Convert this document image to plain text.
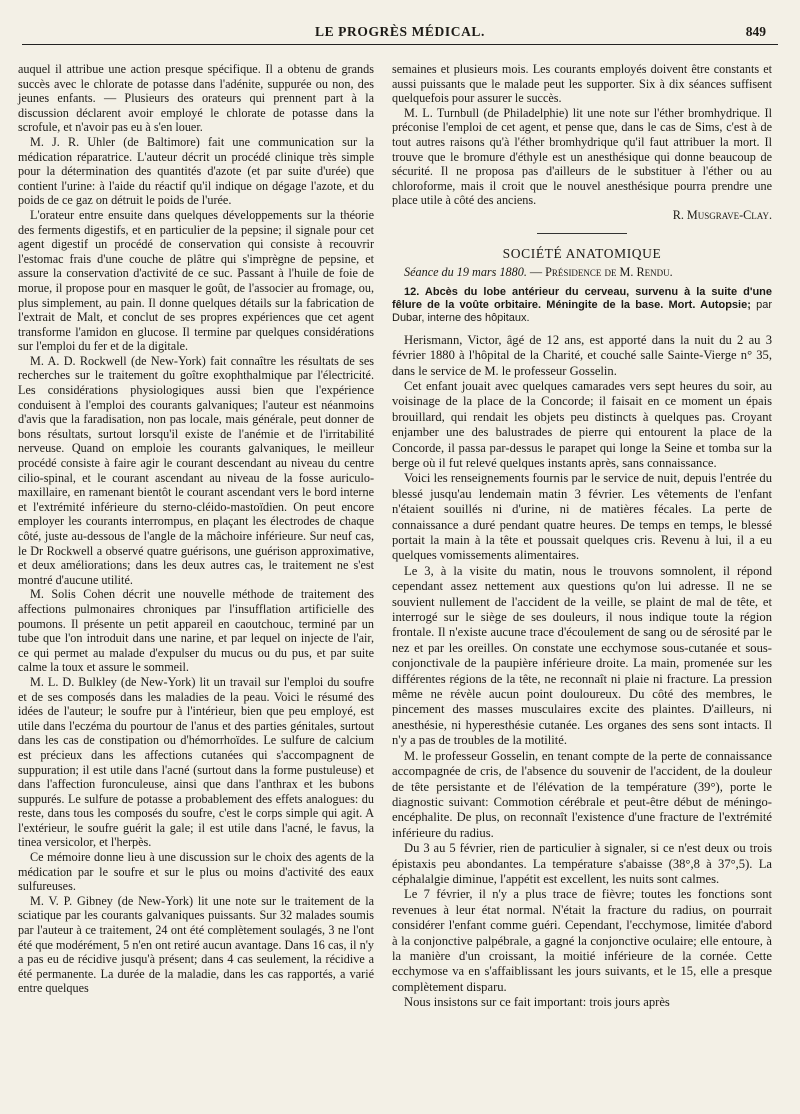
LE PROGRÈS MÉDICAL.	849

auquel il attribue une action presque spécifique. Il a obtenu de grands succès avec le chlorate de potasse dans l'adénite, suppurée ou non, des jeunes enfants. — Plusieurs des orateurs qui prennent part à la discussion déclarent avoir employé le chlorate de potasse dans la scrofule, et n'avoir pas eu à s'en louer.

M. J. R. Uhler (de Baltimore) fait une communication sur la médication réparatrice. L'auteur décrit un procédé clinique très simple pour la détermination des quantités d'azote (et par suite d'urée) que contient l'urine: à l'aide du réactif qu'il indique on dégage l'azote, et du poids de ce gaz on détruit le poids de l'urée.

L'orateur entre ensuite dans quelques développements sur la théorie des ferments digestifs, et en particulier de la pepsine; il signale pour cet agent digestif un procédé de conservation qui consiste à recouvrir l'estomac frais d'une couche de plâtre qui s'imprègne de pepsine, et assure la conservation d'activité de ce suc. Passant à l'huile de foie de morue, il propose pour en masquer le goût, de l'associer au fromage, ou, plus simplement, au pain. Il donne quelques détails sur la fabrication de l'extrait de Malt, et conclut de ses propres expériences que cet agent transforme l'amidon en glucose. Il termine par quelques considérations sur l'emploi du fer et de la digitale.

M. A. D. Rockwell (de New-York) fait connaître les résultats de ses recherches sur le traitement du goître exophthalmique par l'électricité. Les considérations physiologiques aussi bien que l'expérience conduisent à l'emploi des courants galvaniques; l'auteur est néanmoins d'avis que la faradisation, non pas locale, mais générale, peut donner de bons résultats, surtout lorsqu'il existe de l'anémie et de l'irritabilité nerveuse. Quand on emploie les courants galvaniques, le meilleur procédé consiste à faire agir le courant descendant au niveau du centre cilio-spinal, et le courant ascendant au niveau de la fosse auriculo-maxillaire, en ramenant bientôt le courant ascendant vers le bord interne et l'extrémité inférieure du sterno-cléido-mastoïdien. On peut encore employer les courants interrompus, en plaçant les électrodes de chaque côté, juste au-dessous de l'angle de la mâchoire inférieure. Sur neuf cas, le Dr Rockwell a observé quatre guérisons, une guérison approximative, et deux améliorations; dans les deux autres cas, le traitement ne s'est montré d'aucune utilité.

M. Solis Cohen décrit une nouvelle méthode de traitement des affections pulmonaires chroniques par l'insufflation artificielle des poumons. Il présente un petit appareil en caoutchouc, terminé par un tube que l'on introduit dans une narine, et par lequel on injecte de l'air, ce qui permet au malade d'expulser du mucus ou du pus, et par suite calme la toux et assure le sommeil.

M. L. D. Bulkley (de New-York) lit un travail sur l'emploi du soufre et de ses composés dans les maladies de la peau. Voici le résumé des idées de l'auteur; le soufre pur à l'intérieur, bien que peu employé, est utile dans l'eczéma du pourtour de l'anus et des parties génitales, surtout dans les cas de constipation ou d'hémorrhoïdes. Le sulfure de calcium est précieux dans les affections cutanées qui s'accompagnent de suppuration; il est utile dans l'acné (surtout dans la forme pustuleuse) et dans l'affection furonculeuse, ainsi que dans l'anthrax et les bubons suppurés. Le sulfure de potasse a probablement des effets analogues: du reste, dans tous les composés du soufre, c'est le corps simple qui agit. A l'extérieur, le soufre guérit la gale; il est utile dans l'acné, le favus, la tinea versicolor, et l'herpès.

Ce mémoire donne lieu à une discussion sur le choix des agents de la médication par le soufre et sur le plus ou moins d'activité des eaux sulfureuses.

M. V. P. Gibney (de New-York) lit une note sur le traitement de la sciatique par les courants galvaniques puissants. Sur 32 malades soumis par l'auteur à ce traitement, 24 ont été complètement soulagés, 3 ne l'ont été que modérément, 5 n'en ont retiré aucun avantage. Dans 16 cas, il n'y a pas eu de récidive jusqu'à présent; dans 4 cas seulement, la récidive a été permanente. La durée de la maladie, dans les cas rapportés, a varié entre quelques

semaines et plusieurs mois. Les courants employés doivent être constants et aussi puissants que le malade peut les supporter. Six à dix séances suffisent quelquefois pour assurer le succès.

M. L. Turnbull (de Philadelphie) lit une note sur l'éther bromhydrique. Il préconise l'emploi de cet agent, et pense que, dans le cas de Sims, c'est à de tout autres raisons qu'à l'éther bromhydrique qu'il faut attribuer la mort. Il trouve que le bromure d'éthyle est un anesthésique qui donne beaucoup de sécurité. Il ne proposa pas d'ailleurs de le substituer à l'éther ou au chloroforme, mais il croit que le nouvel anesthésique pourra prendre une place utile à côté des anciens.

R. Musgrave-Clay.

SOCIÉTÉ ANATOMIQUE

Séance du 19 mars 1880. — Présidence de M. Rendu.

12. Abcès du lobe antérieur du cerveau, survenu à la suite d'une fêlure de la voûte orbitaire. Méningite de la base. Mort. Autopsie; par Dubar, interne des hôpitaux.

Herismann, Victor, âgé de 12 ans, est apporté dans la nuit du 2 au 3 février 1880 à l'hôpital de la Charité, et couché salle Sainte-Vierge n° 35, dans le service de M. le professeur Gosselin.

Cet enfant jouait avec quelques camarades vers sept heures du soir, au voisinage de la place de la Concorde; il faisait en ce moment un épais brouillard, qui rendait les objets peu distincts à quelques pas. Croyant enjamber une des balustrades de pierre qui entourent la place de la Concorde, il passa par-dessus le parapet qui longe la Seine et tomba sur la berge où il fut relevé quelques instants après, sans connaissance.

Voici les renseignements fournis par le service de nuit, depuis l'entrée du blessé jusqu'au lendemain matin 3 février. Les vêtements de l'enfant n'étaient souillés ni d'urine, ni de matières fécales. La perte de connaissance a duré pendant quatre heures. De temps en temps, le blessé portait la main à la tête et poussait quelques cris. Revenu à lui, il a eu quelques vomissements alimentaires.

Le 3, à la visite du matin, nous le trouvons somnolent, il répond cependant assez nettement aux questions qu'on lui adresse. Il ne se souvient nullement de l'accident de la veille, se plaint de mal de tête, et interrogé sur le siège de ses douleurs, il nous indique toute la région frontale. Il n'existe aucune trace d'écoulement de sang ou de sérosité par le nez et par les oreilles. On constate une ecchymose sous-cutanée et sous-conjonctivale de la paupière inférieure droite. La main, promenée sur les différentes régions de la tête, ne reconnaît ni plaie ni fracture. La pression même ne révèle aucun point douloureux. Du côté des membres, le pincement des masses musculaires excite des plaintes. D'ailleurs, ni anesthésie, ni hyperesthésie cutanée. Les organes des sens sont intacts. Il n'y a pas de troubles de la motilité.

M. le professeur Gosselin, en tenant compte de la perte de connaissance accompagnée de cris, de l'absence du souvenir de l'accident, de la douleur de tête persistante et de l'élévation de la température (39°), porte le diagnostic suivant: Commotion cérébrale et peut-être début de méningo-encéphalite. De plus, on reconnaît l'existence d'une fracture de l'extrémité inférieure du radius.

Du 3 au 5 février, rien de particulier à signaler, si ce n'est deux ou trois épistaxis peu abondantes. La température s'abaisse (38°,8 à 37°,5). La céphalalgie diminue, l'appétit est excellent, les nuits sont calmes.

Le 7 février, il n'y a plus trace de fièvre; toutes les fonctions sont revenues à leur état normal. N'était la fracture du radius, on pourrait considérer l'enfant comme guéri. Cependant, l'ecchymose, limitée d'abord à la conjonctive palpébrale, a gagné la conjonctive oculaire; elle entoure, à la manière d'un croissant, la moitié inférieure de la cornée. Cette ecchymose va en s'affaiblissant les jours suivants, et le 15, elle a presque complètement disparu.

Nous insistons sur ce fait important: trois jours après
